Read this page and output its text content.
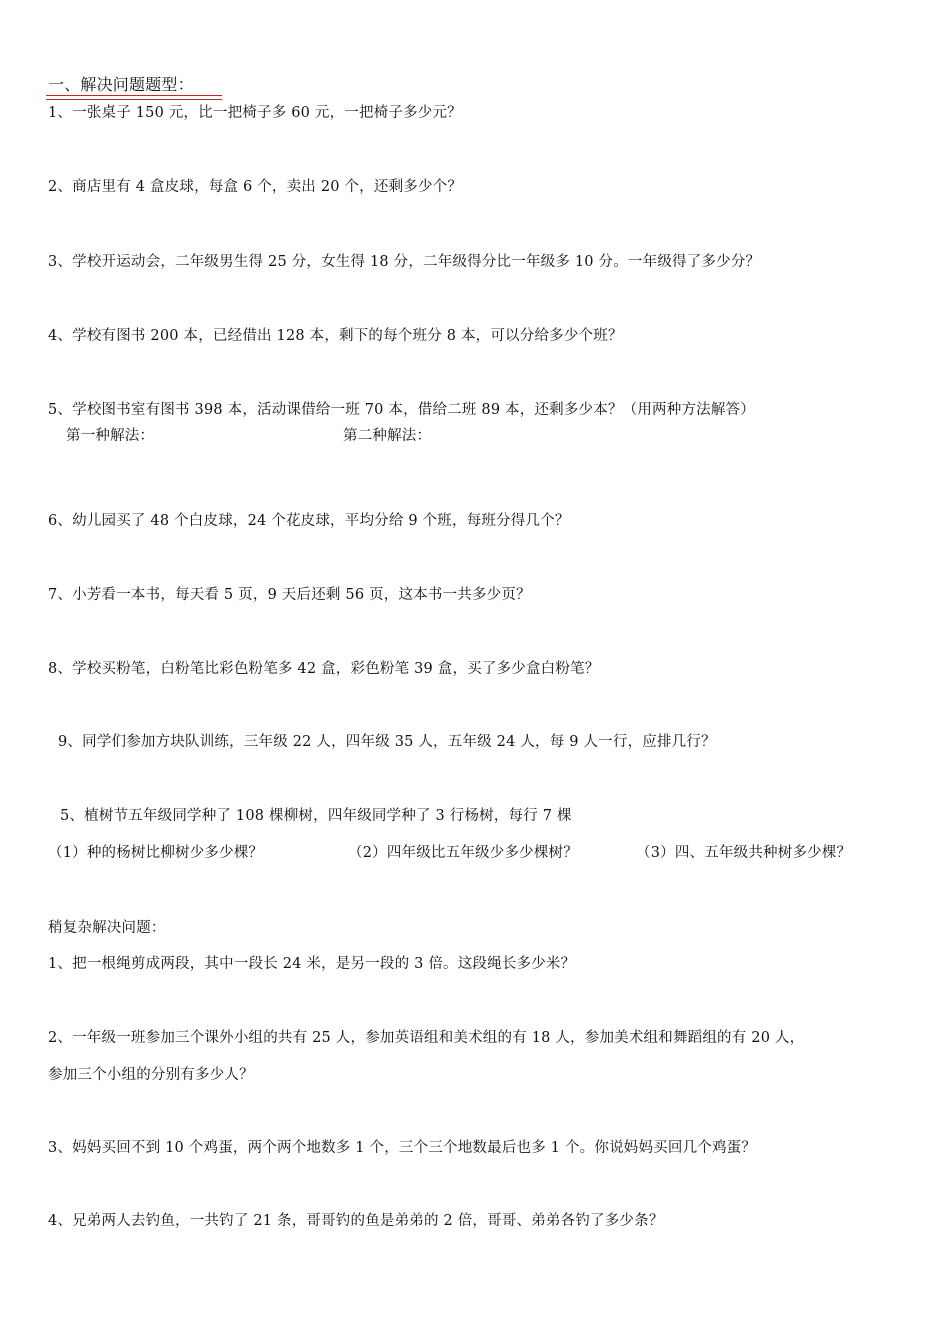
一、解决问题题型：
1、一张桌子 150 元，比一把椅子多 60 元，一把椅子多少元？
2、商店里有 4 盒皮球，每盒 6 个，卖出 20 个，还剩多少个？
3、学校开运动会，二年级男生得 25 分，女生得 18 分，二年级得分比一年级多 10 分。一年级得了多少分？
4、学校有图书 200 本，已经借出 128 本，剩下的每个班分 8 本，可以分给多少个班？
5、学校图书室有图书 398 本，活动课借给一班 70 本，借给二班 89 本，还剩多少本？（用两种方法解答）
第一种解法：	第二种解法：
6、幼儿园买了 48 个白皮球，24 个花皮球，平均分给 9 个班，每班分得几个？
7、小芳看一本书，每天看 5 页，9 天后还剩 56 页，这本书一共多少页？
8、学校买粉笔，白粉笔比彩色粉笔多 42 盒，彩色粉笔 39 盒，买了多少盒白粉笔？
9、同学们参加方块队训练，三年级 22 人，四年级 35 人，五年级 24 人，每 9 人一行，应排几行？
5、植树节五年级同学种了 108 棵柳树，四年级同学种了 3 行杨树，每行 7 棵
（1）种的杨树比柳树少多少棵？	（2）四年级比五年级少多少棵树？	（3）四、五年级共种树多少棵？
稍复杂解决问题：
1、把一根绳剪成两段，其中一段长 24 米，是另一段的 3 倍。这段绳长多少米？
2、一年级一班参加三个课外小组的共有 25 人，参加英语组和美术组的有 18 人，参加美术组和舞蹈组的有 20 人，
参加三个小组的分别有多少人？
3、妈妈买回不到 10 个鸡蛋，两个两个地数多 1 个，三个三个地数最后也多 1 个。你说妈妈买回几个鸡蛋？
4、兄弟两人去钓鱼，一共钓了 21 条，哥哥钓的鱼是弟弟的 2 倍，哥哥、弟弟各钓了多少条？
